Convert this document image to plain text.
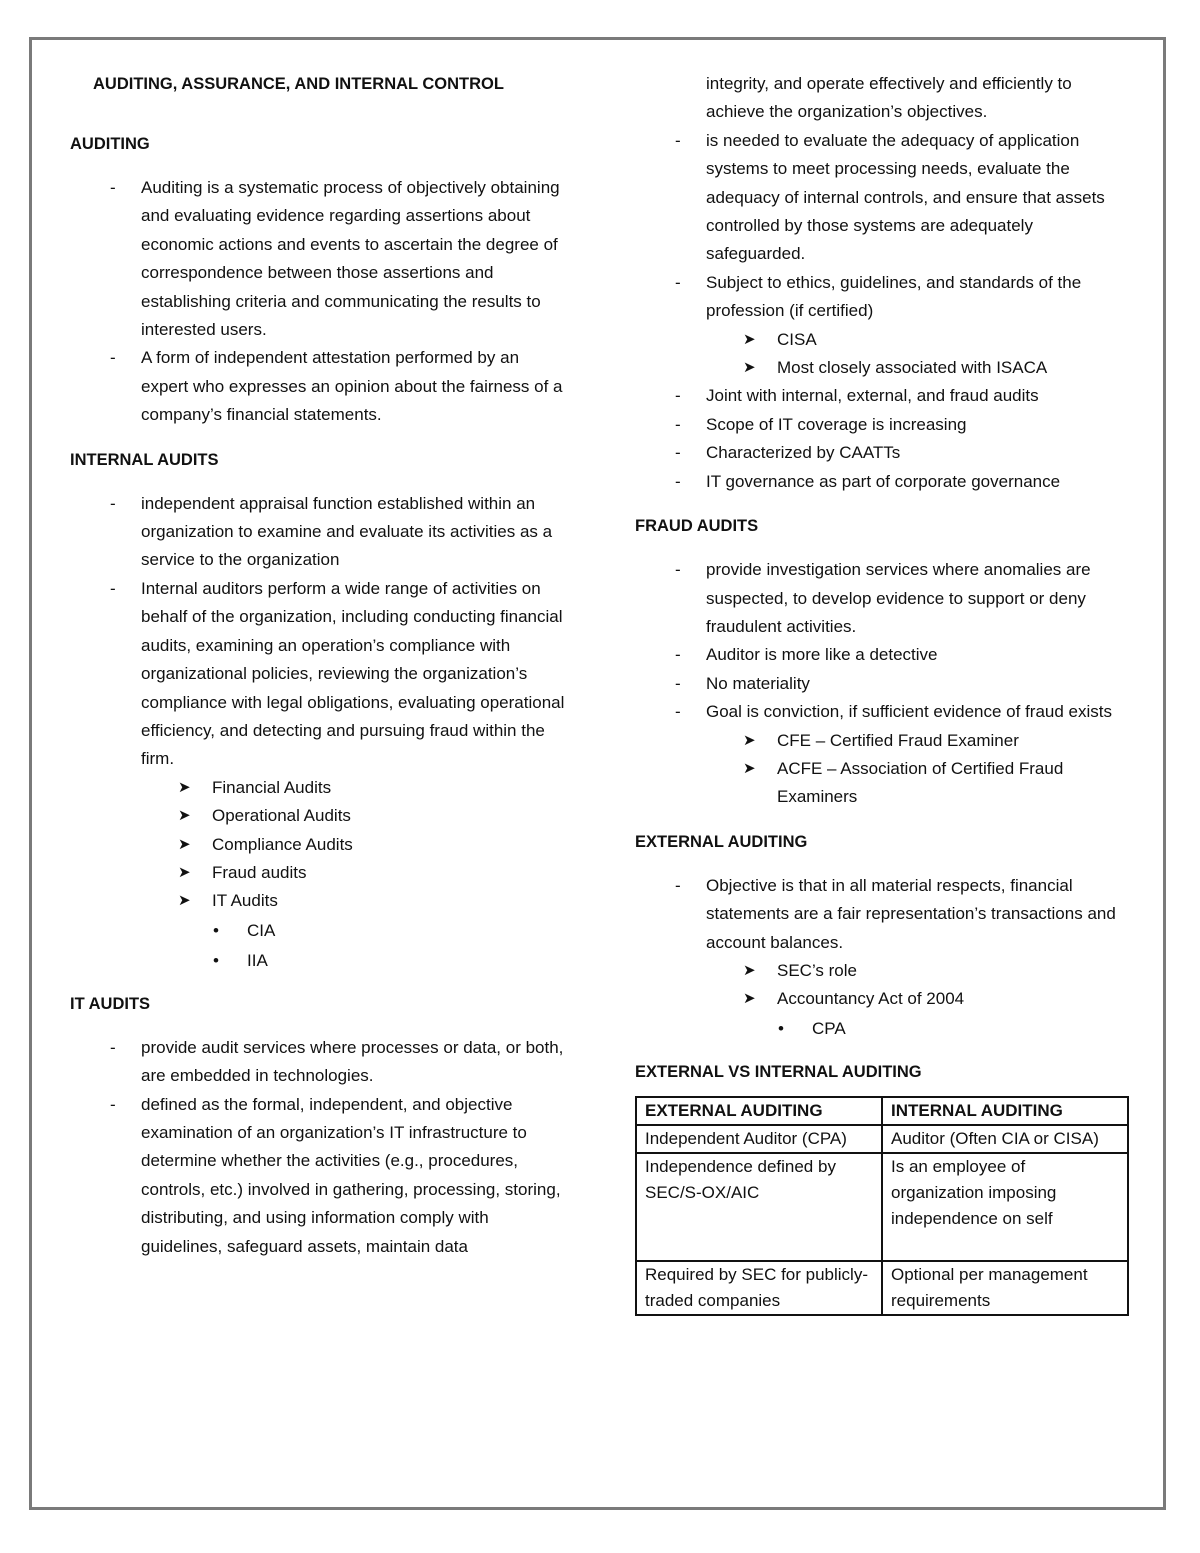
AUDITING, ASSURANCE, AND INTERNAL CONTROL

AUDITING

- Auditing is a systematic process of objectively obtaining and evaluating evidence regarding assertions about economic actions and events to ascertain the degree of correspondence between those assertions and establishing criteria and communicating the results to interested users.
- A form of independent attestation performed by an expert who expresses an opinion about the fairness of a company’s financial statements.

INTERNAL AUDITS

- independent appraisal function established within an organization to examine and evaluate its activities as a service to the organization
- Internal auditors perform a wide range of activities on behalf of the organization, including conducting financial audits, examining an operation’s compliance with organizational policies, reviewing the organization’s compliance with legal obligations, evaluating operational efficiency, and detecting and pursuing fraud within the firm.
➤ Financial Audits
➤ Operational Audits
➤ Compliance Audits
➤ Fraud audits
➤ IT Audits
• CIA
• IIA

IT AUDITS

- provide audit services where processes or data, or both, are embedded in technologies.
- defined as the formal, independent, and objective examination of an organization’s IT infrastructure to determine whether the activities (e.g., procedures, controls, etc.) involved in gathering, processing, storing, distributing, and using information comply with guidelines, safeguard assets, maintain data
integrity, and operate effectively and efficiently to achieve the organization’s objectives.
- is needed to evaluate the adequacy of application systems to meet processing needs, evaluate the adequacy of internal controls, and ensure that assets controlled by those systems are adequately safeguarded.
- Subject to ethics, guidelines, and standards of the profession (if certified)
➤ CISA
➤ Most closely associated with ISACA
- Joint with internal, external, and fraud audits
- Scope of IT coverage is increasing
- Characterized by CAATTs
- IT governance as part of corporate governance

FRAUD AUDITS

- provide investigation services where anomalies are suspected, to develop evidence to support or deny fraudulent activities.
- Auditor is more like a detective
- No materiality
- Goal is conviction, if sufficient evidence of fraud exists
➤ CFE – Certified Fraud Examiner
➤ ACFE – Association of Certified Fraud Examiners

EXTERNAL AUDITING

- Objective is that in all material respects, financial statements are a fair representation’s transactions and account balances.
➤ SEC’s role
➤ Accountancy Act of 2004
• CPA

EXTERNAL VS INTERNAL AUDITING

EXTERNAL AUDITING	INTERNAL AUDITING
Independent Auditor (CPA)	Auditor (Often CIA or CISA)
Independence defined by SEC/S-OX/AIC	Is an employee of organization imposing independence on self
Required by SEC for publicly-traded companies	Optional per management requirements
